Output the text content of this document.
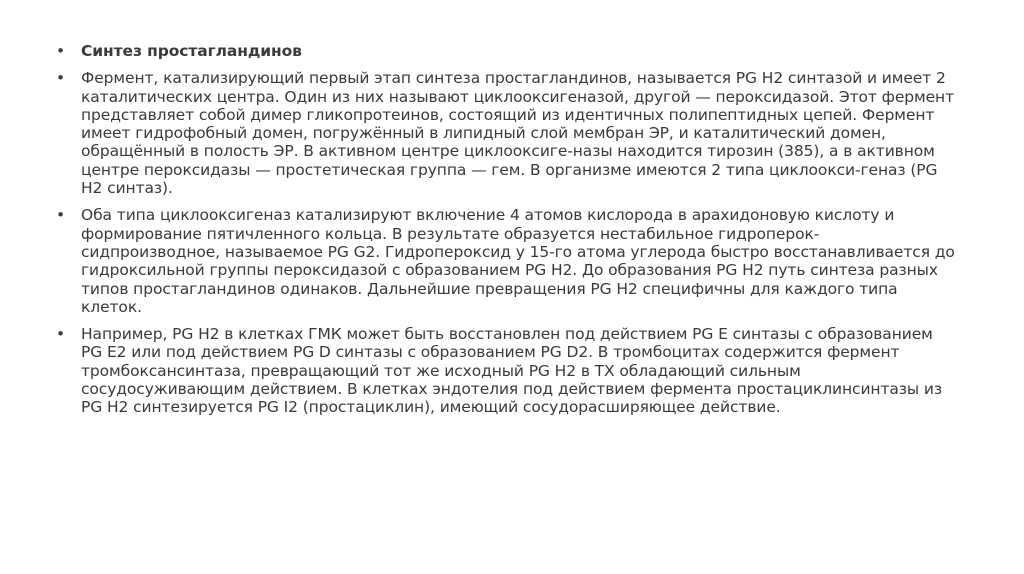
• Синтез простагландинов
• Фермент, катализирующий первый этап синтеза простагландинов, называется PG H2 синтазой и имеет 2 каталитических центра. Один из них называют циклооксигеназой, другой — пероксидазой. Этот фермент представляет собой димер гликопротеинов, состоящий из идентичных полипептидных цепей. Фермент имеет гидрофобный домен, погружённый в липидный слой мембран ЭР, и каталитический домен, обращённый в полость ЭР. В активном центре циклооксиге-назы находится тирозин (385), а в активном центре пероксидазы — простетическая группа — гем. В организме имеются 2 типа циклоокси-геназ (PG H2 синтаз).
• Оба типа циклооксигеназ катализируют включение 4 атомов кислорода в арахидоновую кислоту и формирование пятичленного кольца. В результате образуется нестабильное гидроперок-сидпроизводное, называемое PG G2. Гидропероксид у 15-го атома углерода быстро восстанавливается до гидроксильной группы пероксидазой с образованием PG H2. До образования PG H2 путь синтеза разных типов простагландинов одинаков. Дальнейшие превращения PG H2 специфичны для каждого типа клеток.
• Например, PG H2 в клетках ГМК может быть восстановлен под действием PG E синтазы с образованием PG E2 или под действием PG D синтазы с образованием PG D2. В тромбоцитах содержится фермент тромбоксансинтаза, превращающий тот же исходный PG H2 в TX обладающий сильным сосудосуживающим действием. В клетках эндотелия под действием фермента простациклинсинтазы из PG H2 синтезируется PG I2 (простациклин), имеющий сосудорасширяющее действие.
